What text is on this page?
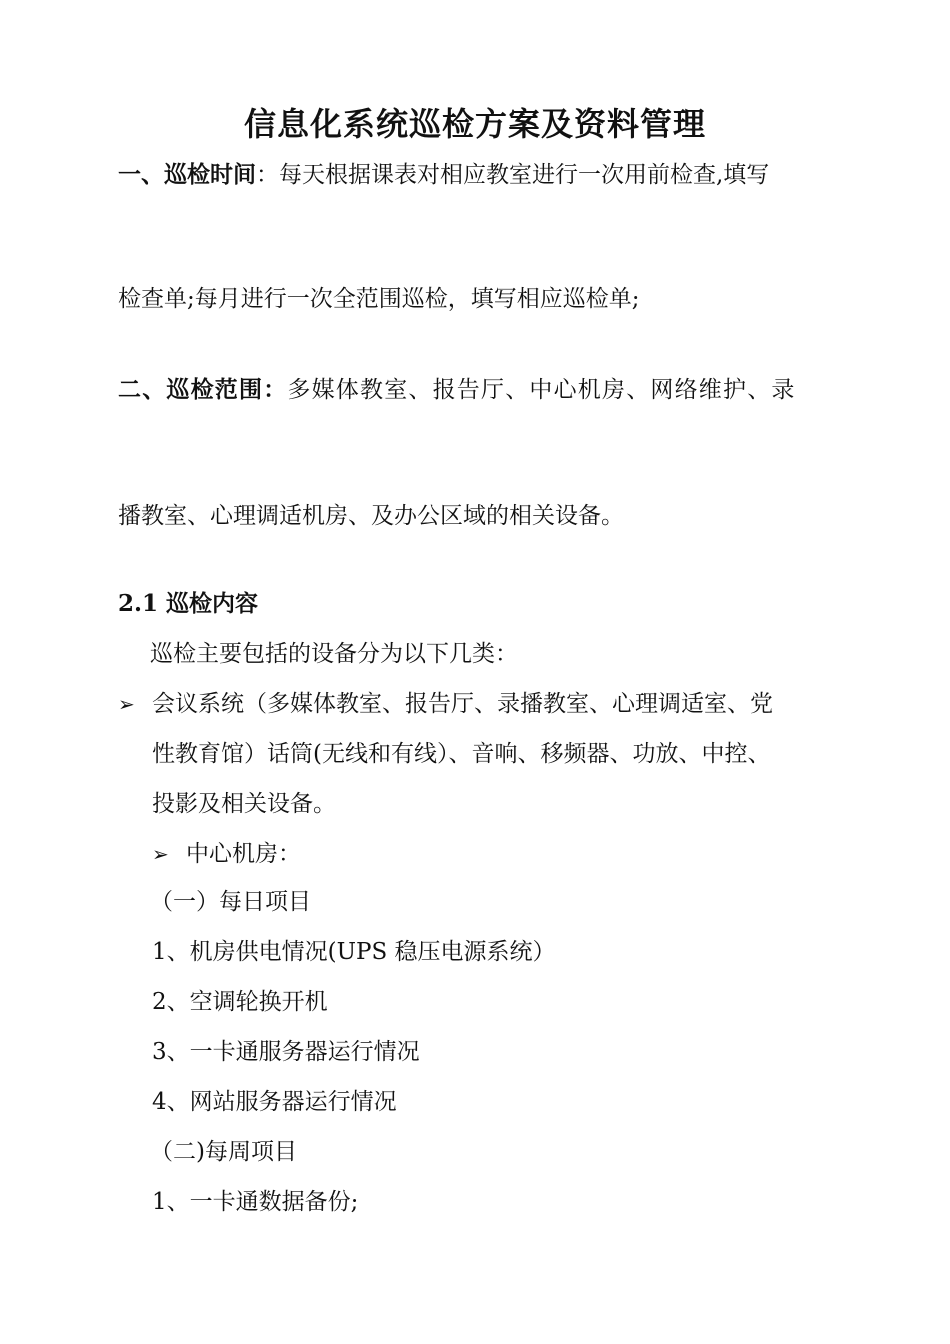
信息化系统巡检方案及资料管理
一、巡检时间：每天根据课表对相应教室进行一次用前检查,填写
检查单;每月进行一次全范围巡检，填写相应巡检单;
二、巡检范围：多媒体教室、报告厅、中心机房、网络维护、录
播教室、心理调适机房、及办公区域的相关设备。
2.1 巡检内容
巡检主要包括的设备分为以下几类：
➢ 会议系统（多媒体教室、报告厅、录播教室、心理调适室、党
性教育馆）话筒(无线和有线）、音响、移频器、功放、中控、
投影及相关设备。
➢ 中心机房：
（一）每日项目
1、机房供电情况(UPS 稳压电源系统）
2、空调轮换开机
3、一卡通服务器运行情况
4、网站服务器运行情况
（二)每周项目
1、一卡通数据备份;
